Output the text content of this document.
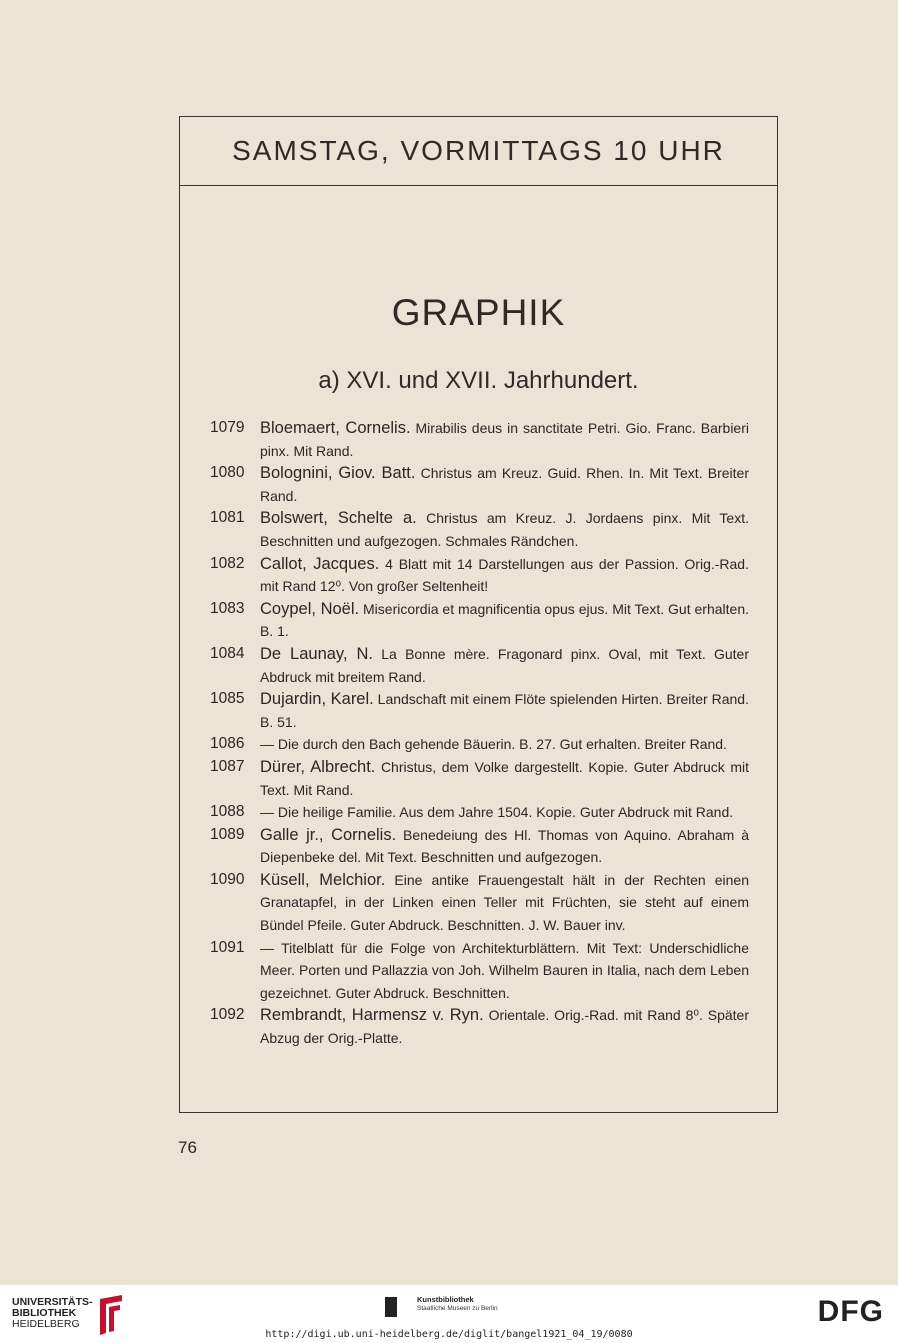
SAMSTAG, VORMITTAGS 10 UHR
GRAPHIK
a) XVI. und XVII. Jahrhundert.
1079 Bloemaert, Cornelis. Mirabilis deus in sanctitate Petri. Gio. Franc. Barbieri pinx. Mit Rand.
1080 Bolognini, Giov. Batt. Christus am Kreuz. Guid. Rhen. In. Mit Text. Breiter Rand.
1081 Bolswert, Schelte a. Christus am Kreuz. J. Jordaens pinx. Mit Text. Beschnitten und aufgezogen. Schmales Rändchen.
1082 Callot, Jacques. 4 Blatt mit 14 Darstellungen aus der Passion. Orig.-Rad. mit Rand 12⁰. Von großer Seltenheit!
1083 Coypel, Noël. Misericordia et magnificentia opus ejus. Mit Text. Gut erhalten. B. 1.
1084 De Launay, N. La Bonne mère. Fragonard pinx. Oval, mit Text. Guter Abdruck mit breitem Rand.
1085 Dujardin, Karel. Landschaft mit einem Flöte spielenden Hirten. Breiter Rand. B. 51.
1086	— Die durch den Bach gehende Bäuerin. B. 27. Gut erhalten. Breiter Rand.
1087 Dürer, Albrecht. Christus, dem Volke dargestellt. Kopie. Guter Abdruck mit Text. Mit Rand.
1088	— Die heilige Familie. Aus dem Jahre 1504. Kopie. Guter Abdruck mit Rand.
1089 Galle jr., Cornelis. Benedeiung des Hl. Thomas von Aquino. Abraham à Diepenbeke del. Mit Text. Beschnitten und aufgezogen.
1090 Küsell, Melchior. Eine antike Frauengestalt hält in der Rechten einen Granatapfel, in der Linken einen Teller mit Früchten, sie steht auf einem Bündel Pfeile. Guter Abdruck. Beschnitten. J. W. Bauer inv.
1091	— Titelblatt für die Folge von Architekturblättern. Mit Text: Underschidliche Meer. Porten und Pallazzia von Joh. Wilhelm Bauren in Italia, nach dem Leben gezeichnet. Guter Abdruck. Beschnitten.
1092 Rembrandt, Harmensz v. Ryn. Orientale. Orig.-Rad. mit Rand 8⁰. Später Abzug der Orig.-Platte.
76
UNIVERSITÄTS-
BIBLIOTHEK
HEIDELBERG
Kunstbibliothek
Staatliche Museen zu Berlin	DFG
http://digi.ub.uni-heidelberg.de/diglit/bangel1921_04_19/0080
